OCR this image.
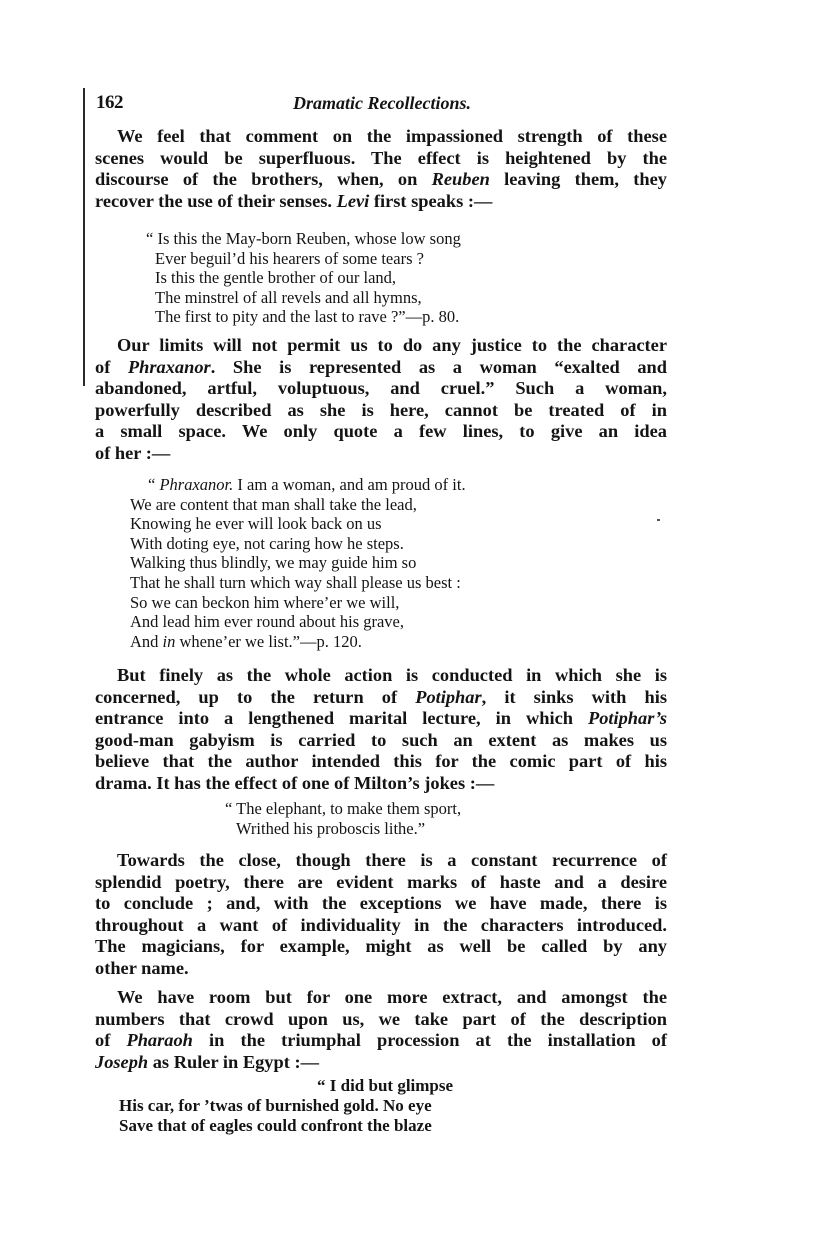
162	Dramatic Recollections.
We feel that comment on the impassioned strength of these
scenes would be superfluous. The effect is heightened by the
discourse of the brothers, when, on Reuben leaving them, they
recover the use of their senses. Levi first speaks :—
“ Is this the May-born Reuben, whose low song
Ever beguil’d his hearers of some tears ?
Is this the gentle brother of our land,
The minstrel of all revels and all hymns,
The first to pity and the last to rave ?”—p. 80.
Our limits will not permit us to do any justice to the character
of Phraxanor. She is represented as a woman “exalted and
abandoned, artful, voluptuous, and cruel.” Such a woman,
powerfully described as she is here, cannot be treated of in
a small space. We only quote a few lines, to give an idea
of her :—
“ Phraxanor. I am a woman, and am proud of it.
We are content that man shall take the lead,
Knowing he ever will look back on us
With doting eye, not caring how he steps.
Walking thus blindly, we may guide him so
That he shall turn which way shall please us best :
So we can beckon him where’er we will,
And lead him ever round about his grave,
And in whene’er we list.”—p. 120.
But finely as the whole action is conducted in which she is
concerned, up to the return of Potiphar, it sinks with his
entrance into a lengthened marital lecture, in which Potiphar’s
good-man gabyism is carried to such an extent as makes us
believe that the author intended this for the comic part of his
drama. It has the effect of one of Milton’s jokes :—
“ The elephant, to make them sport,
Writhed his proboscis lithe.”
Towards the close, though there is a constant recurrence of
splendid poetry, there are evident marks of haste and a desire
to conclude ; and, with the exceptions we have made, there is
throughout a want of individuality in the characters introduced.
The magicians, for example, might as well be called by any
other name.
We have room but for one more extract, and amongst the
numbers that crowd upon us, we take part of the description
of Pharaoh in the triumphal procession at the installation of
Joseph as Ruler in Egypt :—
“ I did but glimpse
His car, for ’twas of burnished gold. No eye
Save that of eagles could confront the blaze
